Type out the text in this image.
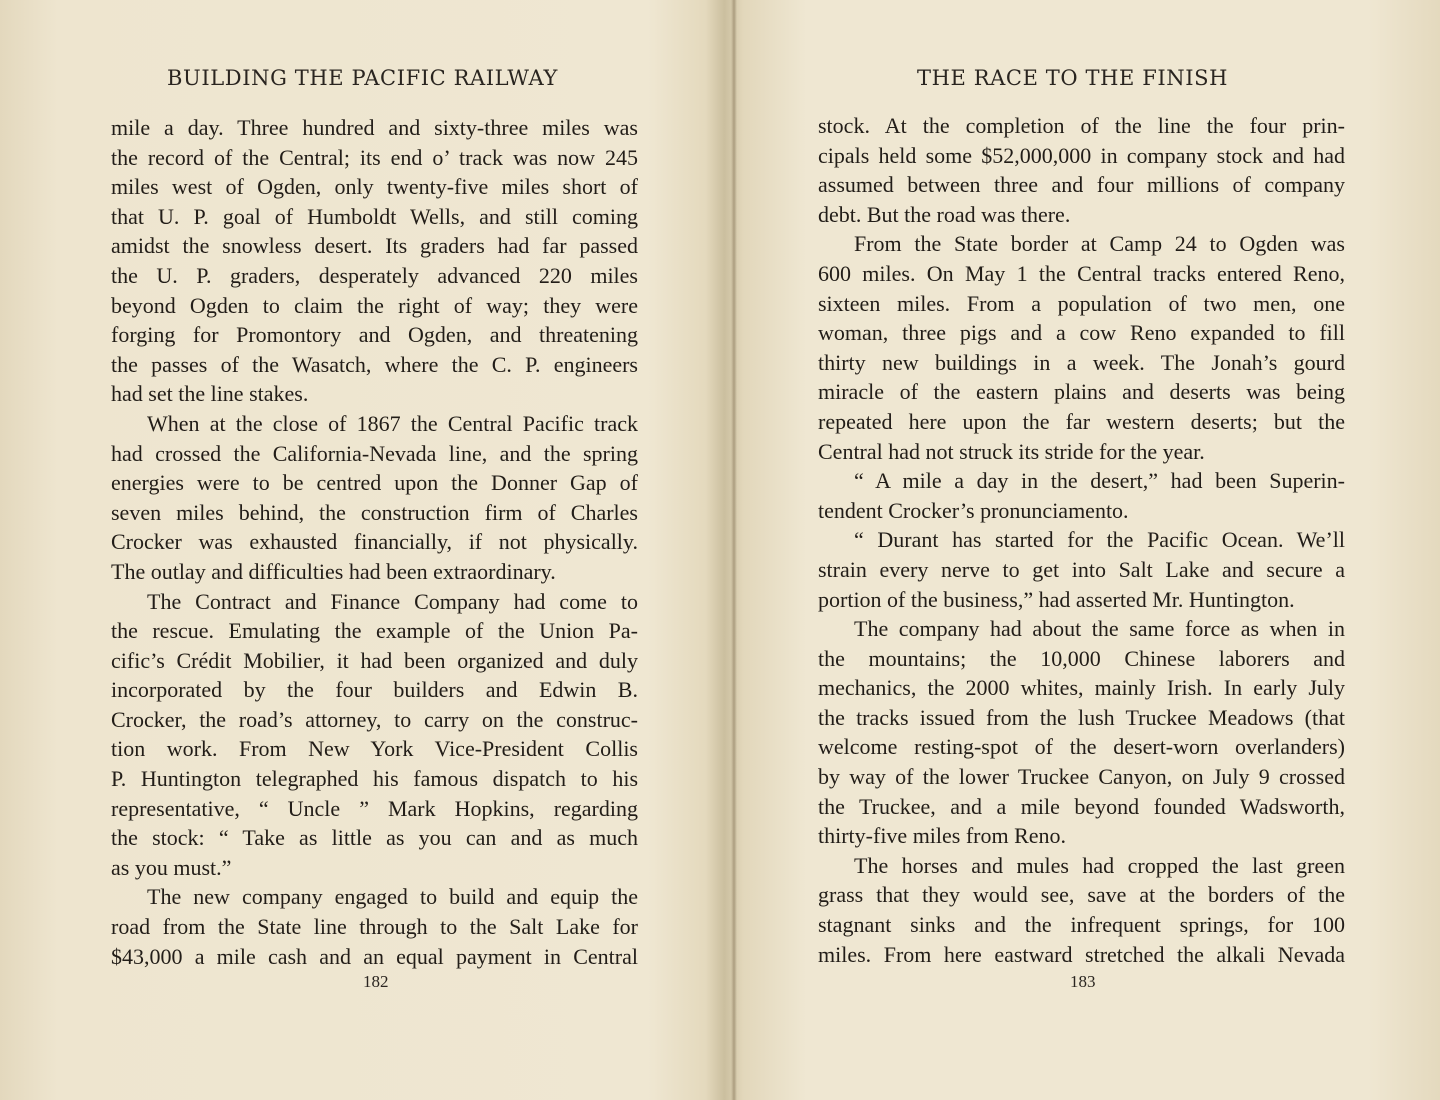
BUILDING THE PACIFIC RAILWAY
mile a day. Three hundred and sixty-three miles was
the record of the Central; its end o’ track was now 245
miles west of Ogden, only twenty-five miles short of
that U. P. goal of Humboldt Wells, and still coming
amidst the snowless desert. Its graders had far passed
the U. P. graders, desperately advanced 220 miles
beyond Ogden to claim the right of way; they were
forging for Promontory and Ogden, and threatening
the passes of the Wasatch, where the C. P. engineers
had set the line stakes.
When at the close of 1867 the Central Pacific track
had crossed the California-Nevada line, and the spring
energies were to be centred upon the Donner Gap of
seven miles behind, the construction firm of Charles
Crocker was exhausted financially, if not physically.
The outlay and difficulties had been extraordinary.
The Contract and Finance Company had come to
the rescue. Emulating the example of the Union Pa-
cific’s Crédit Mobilier, it had been organized and duly
incorporated by the four builders and Edwin B.
Crocker, the road’s attorney, to carry on the construc-
tion work. From New York Vice-President Collis
P. Huntington telegraphed his famous dispatch to his
representative, “ Uncle ” Mark Hopkins, regarding
the stock: “ Take as little as you can and as much
as you must.”
The new company engaged to build and equip the
road from the State line through to the Salt Lake for
$43,000 a mile cash and an equal payment in Central
182
THE RACE TO THE FINISH
stock. At the completion of the line the four prin-
cipals held some $52,000,000 in company stock and had
assumed between three and four millions of company
debt. But the road was there.
From the State border at Camp 24 to Ogden was
600 miles. On May 1 the Central tracks entered Reno,
sixteen miles. From a population of two men, one
woman, three pigs and a cow Reno expanded to fill
thirty new buildings in a week. The Jonah’s gourd
miracle of the eastern plains and deserts was being
repeated here upon the far western deserts; but the
Central had not struck its stride for the year.
“ A mile a day in the desert,” had been Superin-
tendent Crocker’s pronunciamento.
“ Durant has started for the Pacific Ocean. We’ll
strain every nerve to get into Salt Lake and secure a
portion of the business,” had asserted Mr. Huntington.
The company had about the same force as when in
the mountains; the 10,000 Chinese laborers and
mechanics, the 2000 whites, mainly Irish. In early July
the tracks issued from the lush Truckee Meadows (that
welcome resting-spot of the desert-worn overlanders)
by way of the lower Truckee Canyon, on July 9 crossed
the Truckee, and a mile beyond founded Wadsworth,
thirty-five miles from Reno.
The horses and mules had cropped the last green
grass that they would see, save at the borders of the
stagnant sinks and the infrequent springs, for 100
miles. From here eastward stretched the alkali Nevada
183
